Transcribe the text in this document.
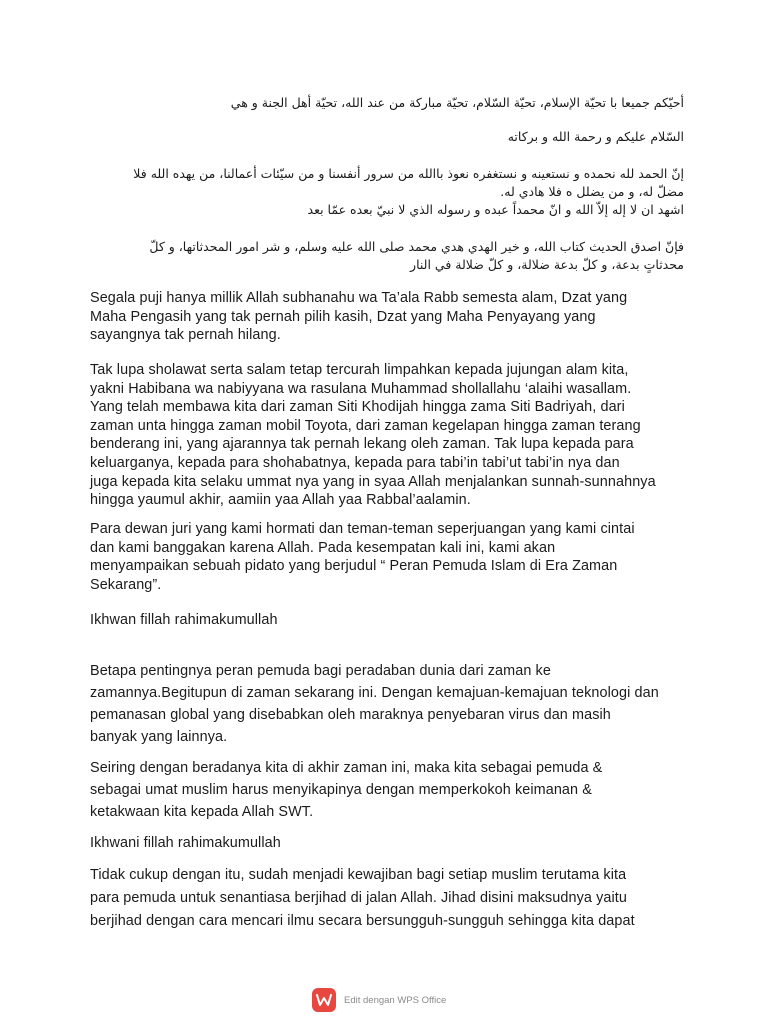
أحيّكم جميعا با تحيّة الإسلام، تحيّة السّلام، تحيّة مباركة من عند الله، تحيّة أهل الجنة و هي
السّلام عليكم و رحمة الله و بركاته
إنّ الحمد لله نحمده و نستعينه و نستغفره نعوذ باالله من سرور أنفسنا و من سيّئات أعمالنا، من يهده الله فلا
مضلّ له، و من يضلل ه فلا هادي له.
اشهد ان لا إله إلاّ الله و انّ محمداً عبده و رسوله الذي لا نبيّ بعده عمّا بعد
فإنّ اصدق الحديث كتاب الله، و خير الهدي هدي محمد صلى الله عليه وسلم، و شر امور المحدثاتها، و كلّ
محدثاتٍ بدعة، و كلّ بدعة ضلالة، و كلّ ضلالة في النار
Segala puji hanya millik Allah subhanahu wa Ta’ala Rabb semesta alam, Dzat yang
Maha Pengasih yang tak pernah pilih kasih, Dzat yang Maha Penyayang yang
sayangnya tak pernah hilang.
Tak lupa sholawat serta salam tetap tercurah limpahkan kepada jujungan alam kita,
yakni Habibana wa nabiyyana wa rasulana Muhammad shollallahu ‘alaihi wasallam.
Yang telah membawa kita dari zaman Siti Khodijah hingga zama Siti Badriyah, dari
zaman unta hingga zaman mobil Toyota, dari zaman kegelapan hingga zaman terang
benderang ini, yang ajarannya tak pernah lekang oleh zaman. Tak lupa kepada para
keluarganya, kepada para shohabatnya, kepada para tabi’in tabi’ut tabi’in nya dan
juga kepada kita selaku ummat nya yang in syaa Allah menjalankan sunnah-sunnahnya
hingga yaumul akhir, aamiin yaa Allah yaa Rabbal’aalamin.
Para dewan juri yang kami hormati dan teman-teman seperjuangan yang kami cintai
dan kami banggakan karena Allah. Pada kesempatan kali ini, kami akan
menyampaikan sebuah pidato yang berjudul “ Peran Pemuda Islam di Era Zaman
Sekarang”.
Ikhwan fillah rahimakumullah
Betapa pentingnya peran pemuda bagi peradaban dunia dari zaman ke
zamannya.Begitupun di zaman sekarang ini. Dengan kemajuan-kemajuan teknologi dan
pemanasan global yang disebabkan oleh maraknya penyebaran virus dan masih
banyak yang lainnya.
Seiring dengan beradanya kita di akhir zaman ini, maka kita sebagai pemuda &
sebagai umat muslim harus menyikapinya dengan memperkokoh keimanan &
ketakwaan kita kepada Allah SWT.
Ikhwani fillah rahimakumullah
Tidak cukup dengan itu, sudah menjadi kewajiban bagi setiap muslim terutama kita
para pemuda untuk senantiasa berjihad di jalan Allah. Jihad disini maksudnya yaitu
berjihad dengan cara mencari ilmu secara bersungguh-sungguh sehingga kita dapat
Edit dengan WPS Office
